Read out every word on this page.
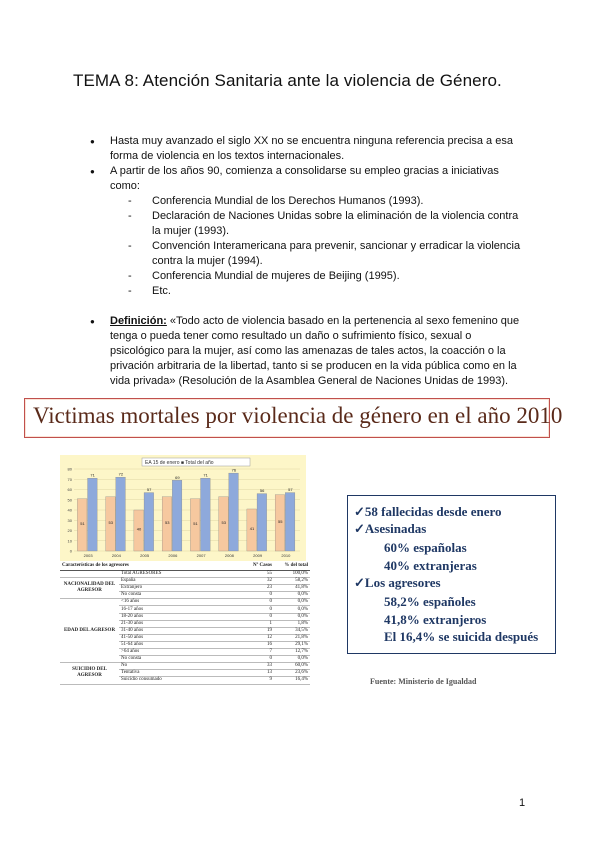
TEMA 8: Atención Sanitaria ante la violencia de Género.

● Hasta muy avanzado el siglo XX no se encuentra ninguna referencia precisa a esa forma de violencia en los textos internacionales.

● A partir de los años 90, comienza a consolidarse su empleo gracias a iniciativas como:

- Conferencia Mundial de los Derechos Humanos (1993).

- Declaración de Naciones Unidas sobre la eliminación de la violencia contra la mujer (1993).

- Convención Interamericana para prevenir, sancionar y erradicar la violencia contra la mujer (1994).

- Conferencia Mundial de mujeres de Beijing (1995).

- Etc.

● Definición: «Todo acto de violencia basado en la pertenencia al sexo femenino que tenga o pueda tener como resultado un daño o sufrimiento físico, sexual o psicológico para la mujer, así como las amenazas de tales actos, la coacción o la privación arbitraria de la libertad, tanto si se producen en la vida pública como en la vida privada» (Resolución de la Asamblea General de Naciones Unidas de 1993).

Victimas mortales por violencia de género en el año 2010
EA 15 de enero ■ Total del año
0
10
20
30
40
50
60
70
80
51
71
2003
53
72
2004
40
57
2005
53
69
2006
51
71
2007
53
76
2008
41
56
2009
55
57
2010
Características de los agresores		Nº Casos	% del total
	Total AGRESORES	55	100,0%
NACIONALIDAD DEL AGRESOR	España	32	58,2%
	Extranjero	23	41,8%
	No consta	0	0,0%
EDAD DEL AGRESOR	<16 años	0	0,0%
	16-17 años	0	0,0%
	18-20 años	0	0,0%
	21-30 años	1	1,8%
	31-40 años	19	34,5%
	41-50 años	12	21,8%
	51-64 años	16	29,1%
	>64 años	7	12,7%
	No consta	0	0,0%
SUICIDIO DEL AGRESOR	No	33	60,0%
	Tentativa	13	23,6%
	Suicidio consumado	9	16,4%
✓58 fallecidas desde enero
✓Asesinadas
60% españolas
40% extranjeras
✓Los agresores
58,2% españoles
41,8% extranjeros
El 16,4% se suicida después
Fuente: Ministerio de Igualdad
1
